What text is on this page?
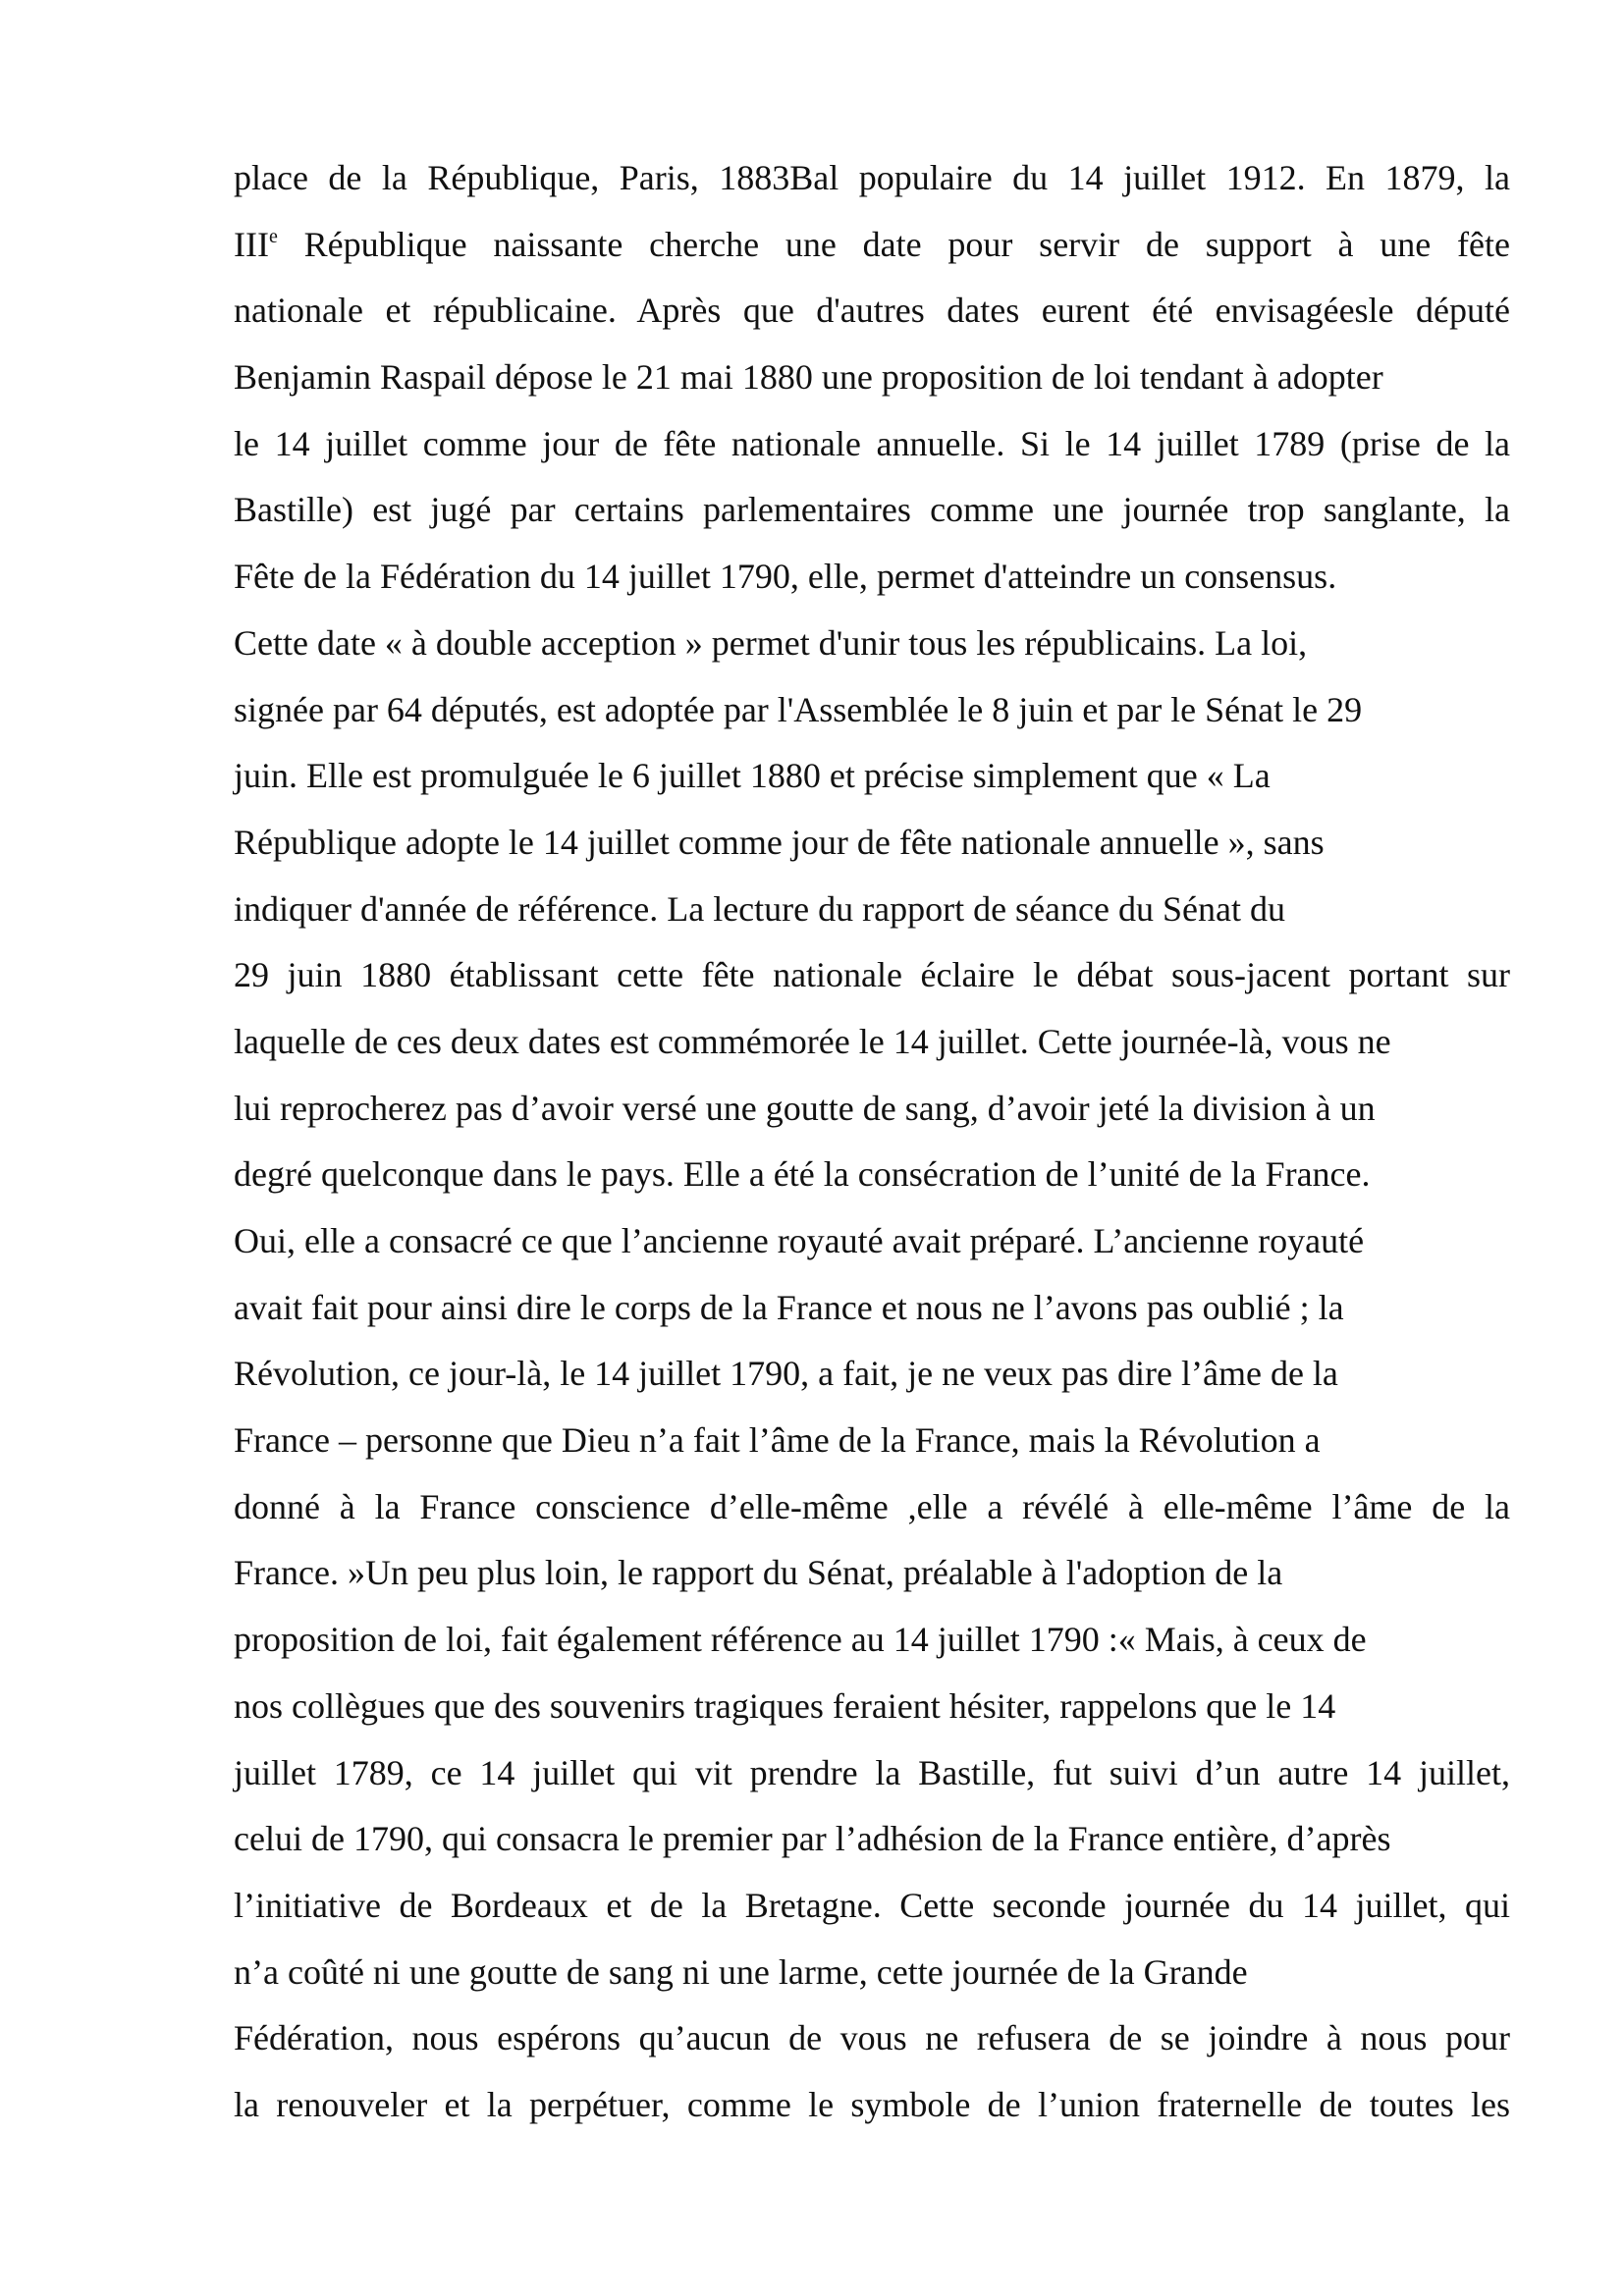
place de la République, Paris, 1883Bal populaire du 14 juillet 1912. En 1879, la
IIIe République naissante cherche une date pour servir de support à une fête
nationale et républicaine. Après que d'autres dates eurent été envisagéesle député
Benjamin Raspail dépose le 21 mai 1880 une proposition de loi tendant à adopter
le 14 juillet comme jour de fête nationale annuelle. Si le 14 juillet 1789 (prise de la
Bastille) est jugé par certains parlementaires comme une journée trop sanglante, la
Fête de la Fédération du 14 juillet 1790, elle, permet d'atteindre un consensus.
Cette date « à double acception » permet d'unir tous les républicains. La loi,
signée par 64 députés, est adoptée par l'Assemblée le 8 juin et par le Sénat le 29
juin. Elle est promulguée le 6 juillet 1880 et précise simplement que « La
République adopte le 14 juillet comme jour de fête nationale annuelle », sans
indiquer d'année de référence. La lecture du rapport de séance du Sénat du
29 juin 1880 établissant cette fête nationale éclaire le débat sous-jacent portant sur
laquelle de ces deux dates est commémorée le 14 juillet. Cette journée-là, vous ne
lui reprocherez pas d’avoir versé une goutte de sang, d’avoir jeté la division à un
degré quelconque dans le pays. Elle a été la consécration de l’unité de la France.
Oui, elle a consacré ce que l’ancienne royauté avait préparé. L’ancienne royauté
avait fait pour ainsi dire le corps de la France et nous ne l’avons pas oublié ; la
Révolution, ce jour-là, le 14 juillet 1790, a fait, je ne veux pas dire l’âme de la
France – personne que Dieu n’a fait l’âme de la France, mais la Révolution a
donné à la France conscience d’elle-même ,elle a révélé à elle-même l’âme de la
France. »Un peu plus loin, le rapport du Sénat, préalable à l'adoption de la
proposition de loi, fait également référence au 14 juillet 1790 :« Mais, à ceux de
nos collègues que des souvenirs tragiques feraient hésiter, rappelons que le 14
juillet 1789, ce 14 juillet qui vit prendre la Bastille, fut suivi d’un autre 14 juillet,
celui de 1790, qui consacra le premier par l’adhésion de la France entière, d’après
l’initiative de Bordeaux et de la Bretagne. Cette seconde journée du 14 juillet, qui
n’a coûté ni une goutte de sang ni une larme, cette journée de la Grande
Fédération, nous espérons qu’aucun de vous ne refusera de se joindre à nous pour
la renouveler et la perpétuer, comme le symbole de l’union fraternelle de toutes les
